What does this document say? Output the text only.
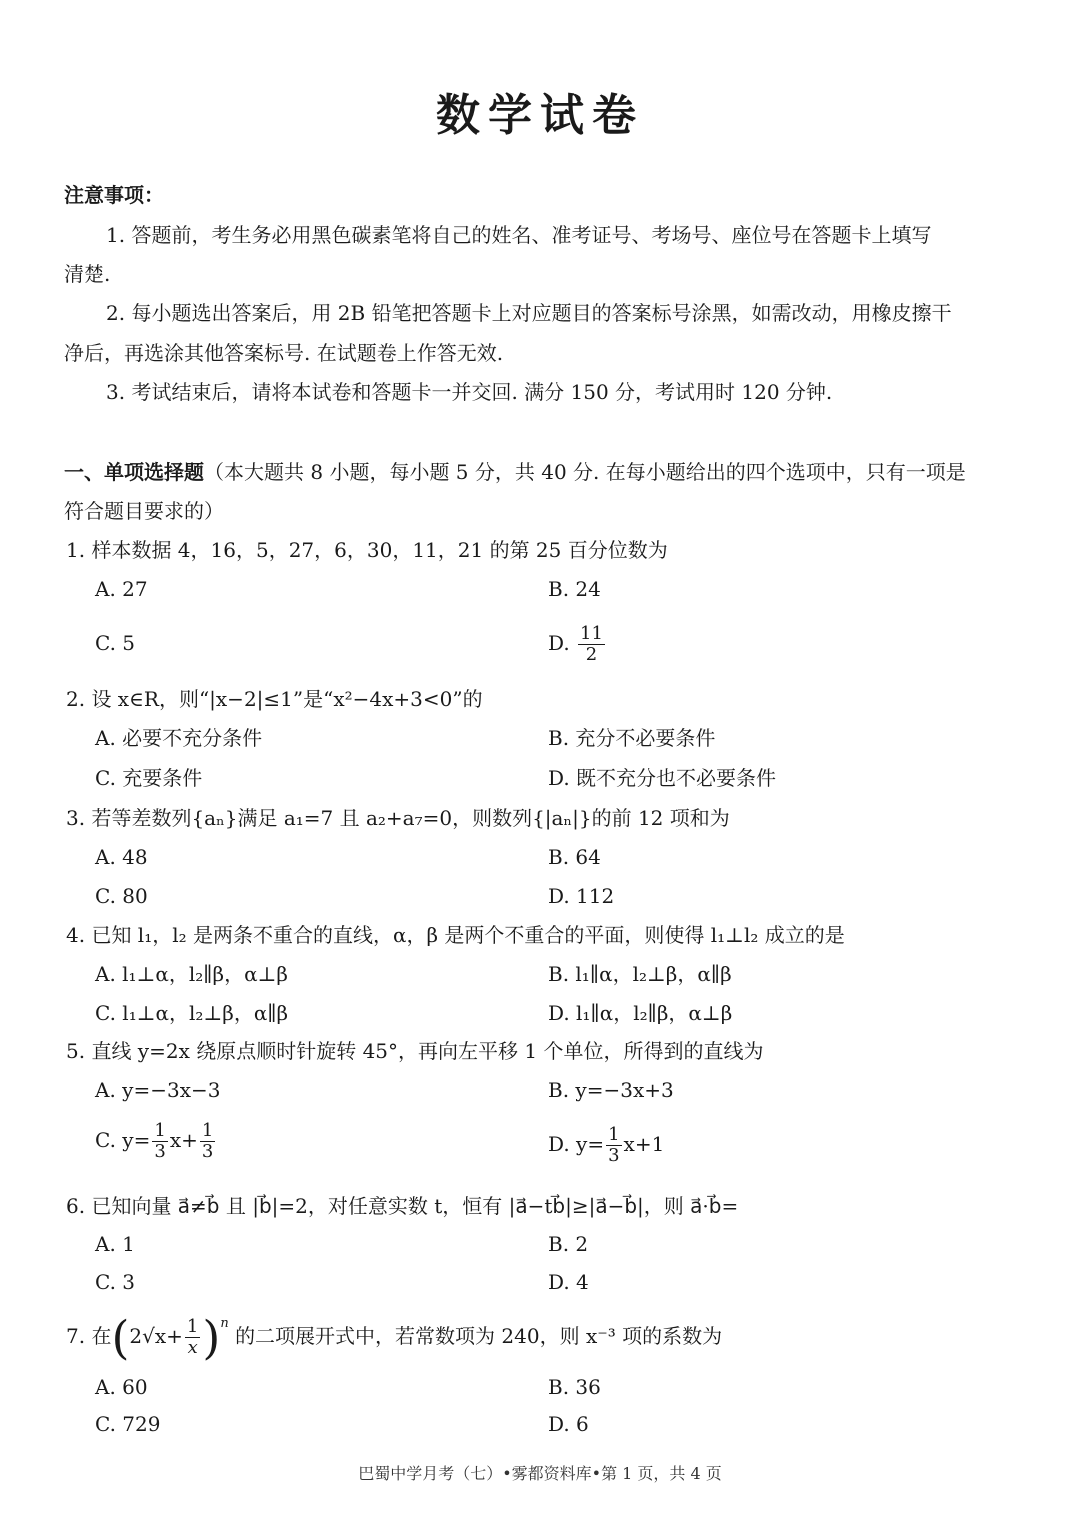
数学试卷
注意事项：
1. 答题前，考生务必用黑色碳素笔将自己的姓名、准考证号、考场号、座位号在答题卡上填写
清楚.
2. 每小题选出答案后，用 2B 铅笔把答题卡上对应题目的答案标号涂黑，如需改动，用橡皮擦干
净后，再选涂其他答案标号. 在试题卷上作答无效.
3. 考试结束后，请将本试卷和答题卡一并交回. 满分 150 分，考试用时 120 分钟.
一、单项选择题（本大题共 8 小题，每小题 5 分，共 40 分. 在每小题给出的四个选项中，只有一项是
符合题目要求的）
1. 样本数据 4，16，5，27，6，30，11，21 的第 25 百分位数为
A. 27	B. 24
C. 5	D. $\frac{11}{2}$
2. 设 x∈R，则“|x−2|≤1”是“x²−4x+3<0”的
A. 必要不充分条件	B. 充分不必要条件
C. 充要条件	D. 既不充分也不必要条件
3. 若等差数列{aₙ}满足 a₁=7 且 a₂+a₇=0，则数列{|aₙ|}的前 12 项和为
A. 48	B. 64
C. 80	D. 112
4. 已知 l₁，l₂ 是两条不重合的直线，α，β 是两个不重合的平面，则使得 l₁⊥l₂ 成立的是
A. l₁⊥α，l₂∥β，α⊥β	B. l₁∥α，l₂⊥β，α∥β
C. l₁⊥α，l₂⊥β，α∥β	D. l₁∥α，l₂∥β，α⊥β
5. 直线 y=2x 绕原点顺时针旋转 45°，再向左平移 1 个单位，所得到的直线为
A. y=−3x−3	B. y=−3x+3
C. $y= \frac{1}{3} x+ \frac{1}{3}$	D. $y= \frac{1}{3} x+1$
6. 已知向量 a⃗≠b⃗ 且 |b⃗|=2，对任意实数 t，恒有 |a⃗−tb⃗|≥|a⃗−b⃗|，则 a⃗·b⃗=
A. 1	B. 2
C. 3	D. 4
7. 在$(2√x+ \frac{1}{x} )^n$ 的二项展开式中，若常数项为 240，则 x⁻³ 项的系数为
A. 60	B. 36
C. 729	D. 6
巴蜀中学月考（七）•雾都资料库•第 1 页，共 4 页
